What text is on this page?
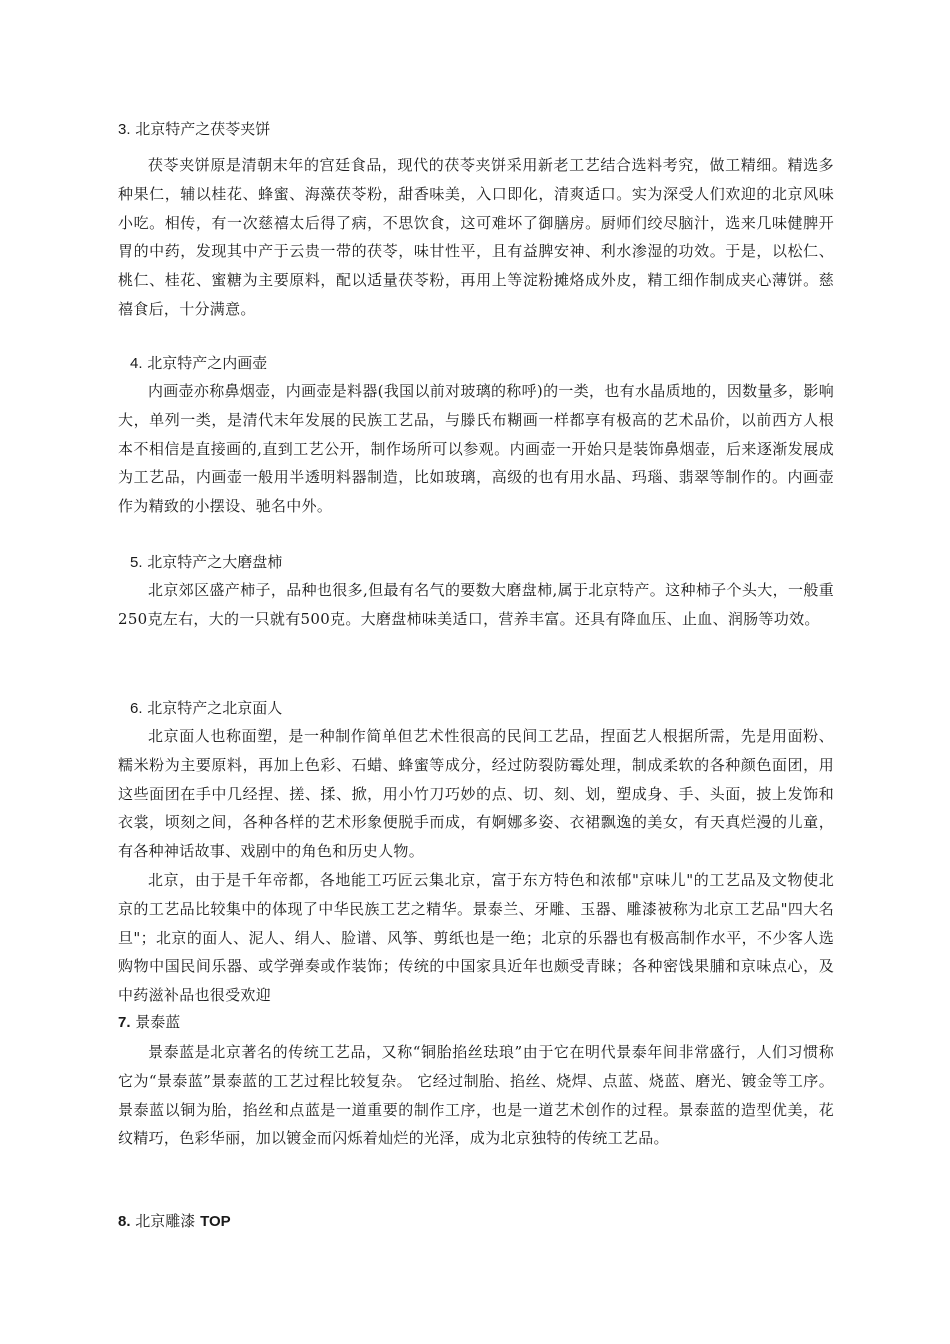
3. 北京特产之茯苓夹饼

茯苓夹饼原是清朝末年的宫廷食品，现代的茯苓夹饼采用新老工艺结合选料考究，做工精细。精选多种果仁，辅以桂花、蜂蜜、海藻茯苓粉，甜香味美，入口即化，清爽适口。实为深受人们欢迎的北京风味小吃。相传，有一次慈禧太后得了病，不思饮食，这可难坏了御膳房。厨师们绞尽脑汁，选来几味健脾开胃的中药，发现其中产于云贵一带的茯苓，味甘性平，且有益脾安神、利水渗湿的功效。于是，以松仁、桃仁、桂花、蜜糖为主要原料，配以适量茯苓粉，再用上等淀粉摊烙成外皮，精工细作制成夹心薄饼。慈禧食后，十分满意。

4. 北京特产之内画壶

内画壶亦称鼻烟壶，内画壶是料器(我国以前对玻璃的称呼)的一类，也有水晶质地的，因数量多，影响大，单列一类，是清代末年发展的民族工艺品，与滕氏布糊画一样都享有极高的艺术品价，以前西方人根本不相信是直接画的,直到工艺公开，制作场所可以参观。内画壶一开始只是装饰鼻烟壶，后来逐渐发展成为工艺品，内画壶一般用半透明料器制造，比如玻璃，高级的也有用水晶、玛瑙、翡翠等制作的。内画壶作为精致的小摆设、驰名中外。

5. 北京特产之大磨盘柿

北京郊区盛产柿子，品种也很多,但最有名气的要数大磨盘柿,属于北京特产。这种柿子个头大，一般重250克左右，大的一只就有500克。大磨盘柿味美适口，营养丰富。还具有降血压、止血、润肠等功效。

6. 北京特产之北京面人

北京面人也称面塑，是一种制作简单但艺术性很高的民间工艺品，捏面艺人根据所需，先是用面粉、糯米粉为主要原料，再加上色彩、石蜡、蜂蜜等成分，经过防裂防霉处理，制成柔软的各种颜色面团，用这些面团在手中几经捏、搓、揉、掀，用小竹刀巧妙的点、切、刻、划，塑成身、手、头面，披上发饰和衣裳，顷刻之间，各种各样的艺术形象便脱手而成，有婀娜多姿、衣裙飘逸的美女，有天真烂漫的儿童，有各种神话故事、戏剧中的角色和历史人物。

北京，由于是千年帝都，各地能工巧匠云集北京，富于东方特色和浓郁"京味儿"的工艺品及文物使北京的工艺品比较集中的体现了中华民族工艺之精华。景泰兰、牙雕、玉器、雕漆被称为北京工艺品"四大名旦"；北京的面人、泥人、绢人、脸谱、风筝、剪纸也是一绝；北京的乐器也有极高制作水平，不少客人选购物中国民间乐器、或学弹奏或作装饰；传统的中国家具近年也颇受青睐；各种密饯果脯和京味点心，及中药滋补品也很受欢迎

7. 景泰蓝

景泰蓝是北京著名的传统工艺品，又称“铜胎掐丝珐琅”由于它在明代景泰年间非常盛行，人们习惯称它为“景泰蓝”景泰蓝的工艺过程比较复杂。 它经过制胎、掐丝、烧焊、点蓝、烧蓝、磨光、镀金等工序。景泰蓝以铜为胎，掐丝和点蓝是一道重要的制作工序，也是一道艺术创作的过程。景泰蓝的造型优美，花纹精巧，色彩华丽，加以镀金而闪烁着灿烂的光泽，成为北京独特的传统工艺品。

8. 北京雕漆 TOP
